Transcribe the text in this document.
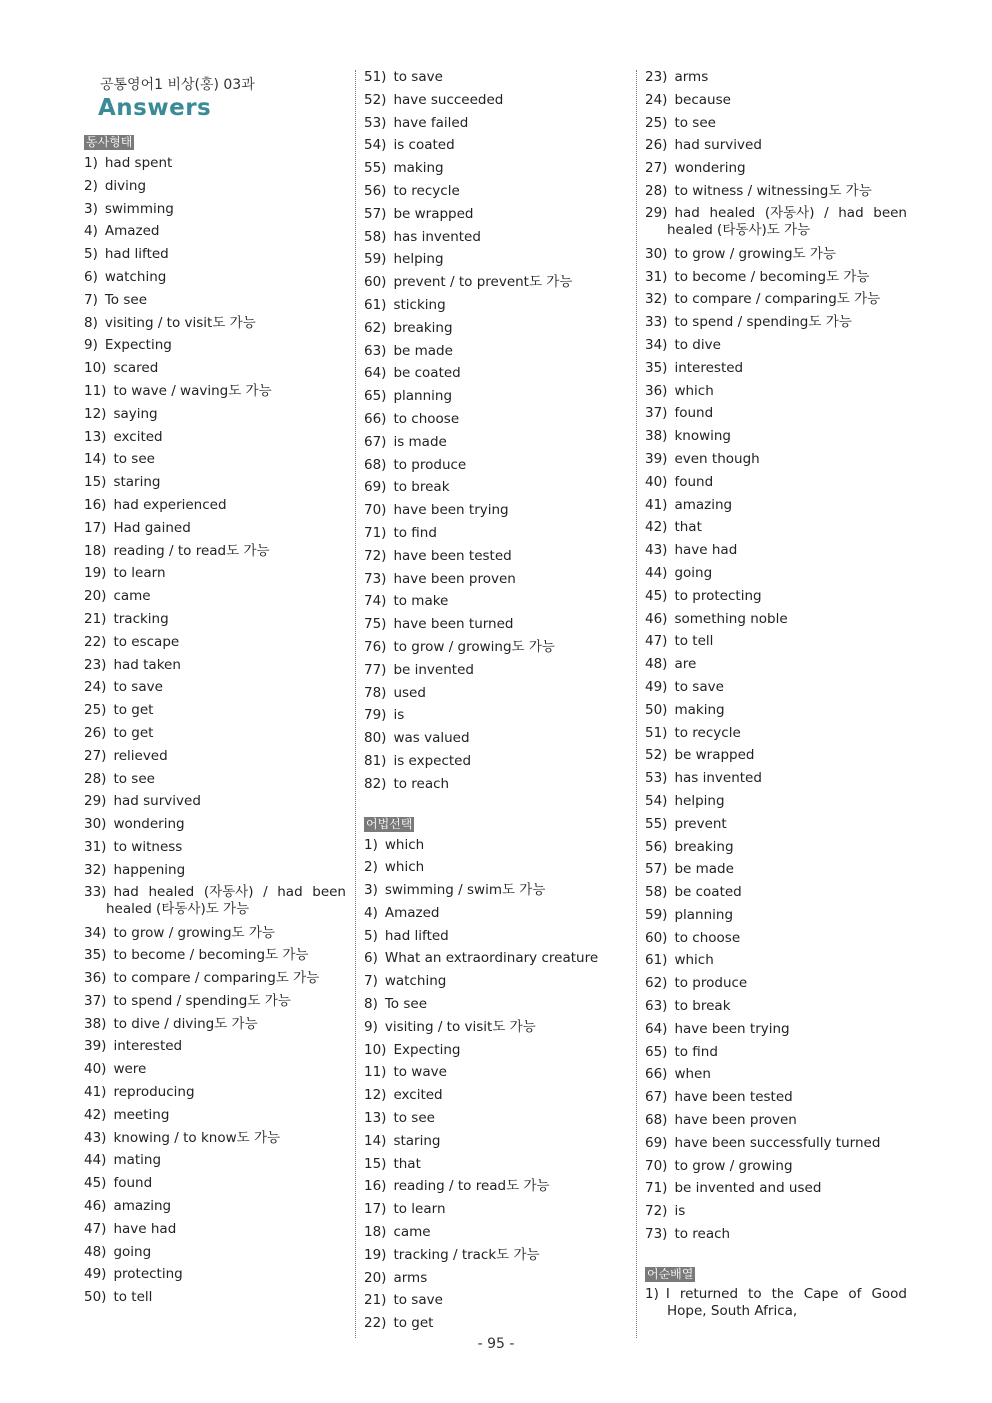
공통영어1 비상(홍) 03과
Answers
동사형태
1) had spent
2) diving
3) swimming
4) Amazed
5) had lifted
6) watching
7) To see
8) visiting / to visit도 가능
9) Expecting
10) scared
11) to wave / waving도 가능
12) saying
13) excited
14) to see
15) staring
16) had experienced
17) Had gained
18) reading / to read도 가능
19) to learn
20) came
21) tracking
22) to escape
23) had taken
24) to save
25) to get
26) to get
27) relieved
28) to see
29) had survived
30) wondering
31) to witness
32) happening
33) had healed (자동사) / had been healed (타동사)도 가능
34) to grow / growing도 가능
35) to become / becoming도 가능
36) to compare / comparing도 가능
37) to spend / spending도 가능
38) to dive / diving도 가능
39) interested
40) were
41) reproducing
42) meeting
43) knowing / to know도 가능
44) mating
45) found
46) amazing
47) have had
48) going
49) protecting
50) to tell
51) to save
52) have succeeded
53) have failed
54) is coated
55) making
56) to recycle
57) be wrapped
58) has invented
59) helping
60) prevent / to prevent도 가능
61) sticking
62) breaking
63) be made
64) be coated
65) planning
66) to choose
67) is made
68) to produce
69) to break
70) have been trying
71) to find
72) have been tested
73) have been proven
74) to make
75) have been turned
76) to grow / growing도 가능
77) be invented
78) used
79) is
80) was valued
81) is expected
82) to reach
어법선택
1) which
2) which
3) swimming / swim도 가능
4) Amazed
5) had lifted
6) What an extraordinary creature
7) watching
8) To see
9) visiting / to visit도 가능
10) Expecting
11) to wave
12) excited
13) to see
14) staring
15) that
16) reading / to read도 가능
17) to learn
18) came
19) tracking / track도 가능
20) arms
21) to save
22) to get
23) arms
24) because
25) to see
26) had survived
27) wondering
28) to witness / witnessing도 가능
29) had healed (자동사) / had been healed (타동사)도 가능
30) to grow / growing도 가능
31) to become / becoming도 가능
32) to compare / comparing도 가능
33) to spend / spending도 가능
34) to dive
35) interested
36) which
37) found
38) knowing
39) even though
40) found
41) amazing
42) that
43) have had
44) going
45) to protecting
46) something noble
47) to tell
48) are
49) to save
50) making
51) to recycle
52) be wrapped
53) has invented
54) helping
55) prevent
56) breaking
57) be made
58) be coated
59) planning
60) to choose
61) which
62) to produce
63) to break
64) have been trying
65) to find
66) when
67) have been tested
68) have been proven
69) have been successfully turned
70) to grow / growing
71) be invented and used
72) is
73) to reach
어순배열
1) I returned to the Cape of Good Hope, South Africa,
- 95 -
